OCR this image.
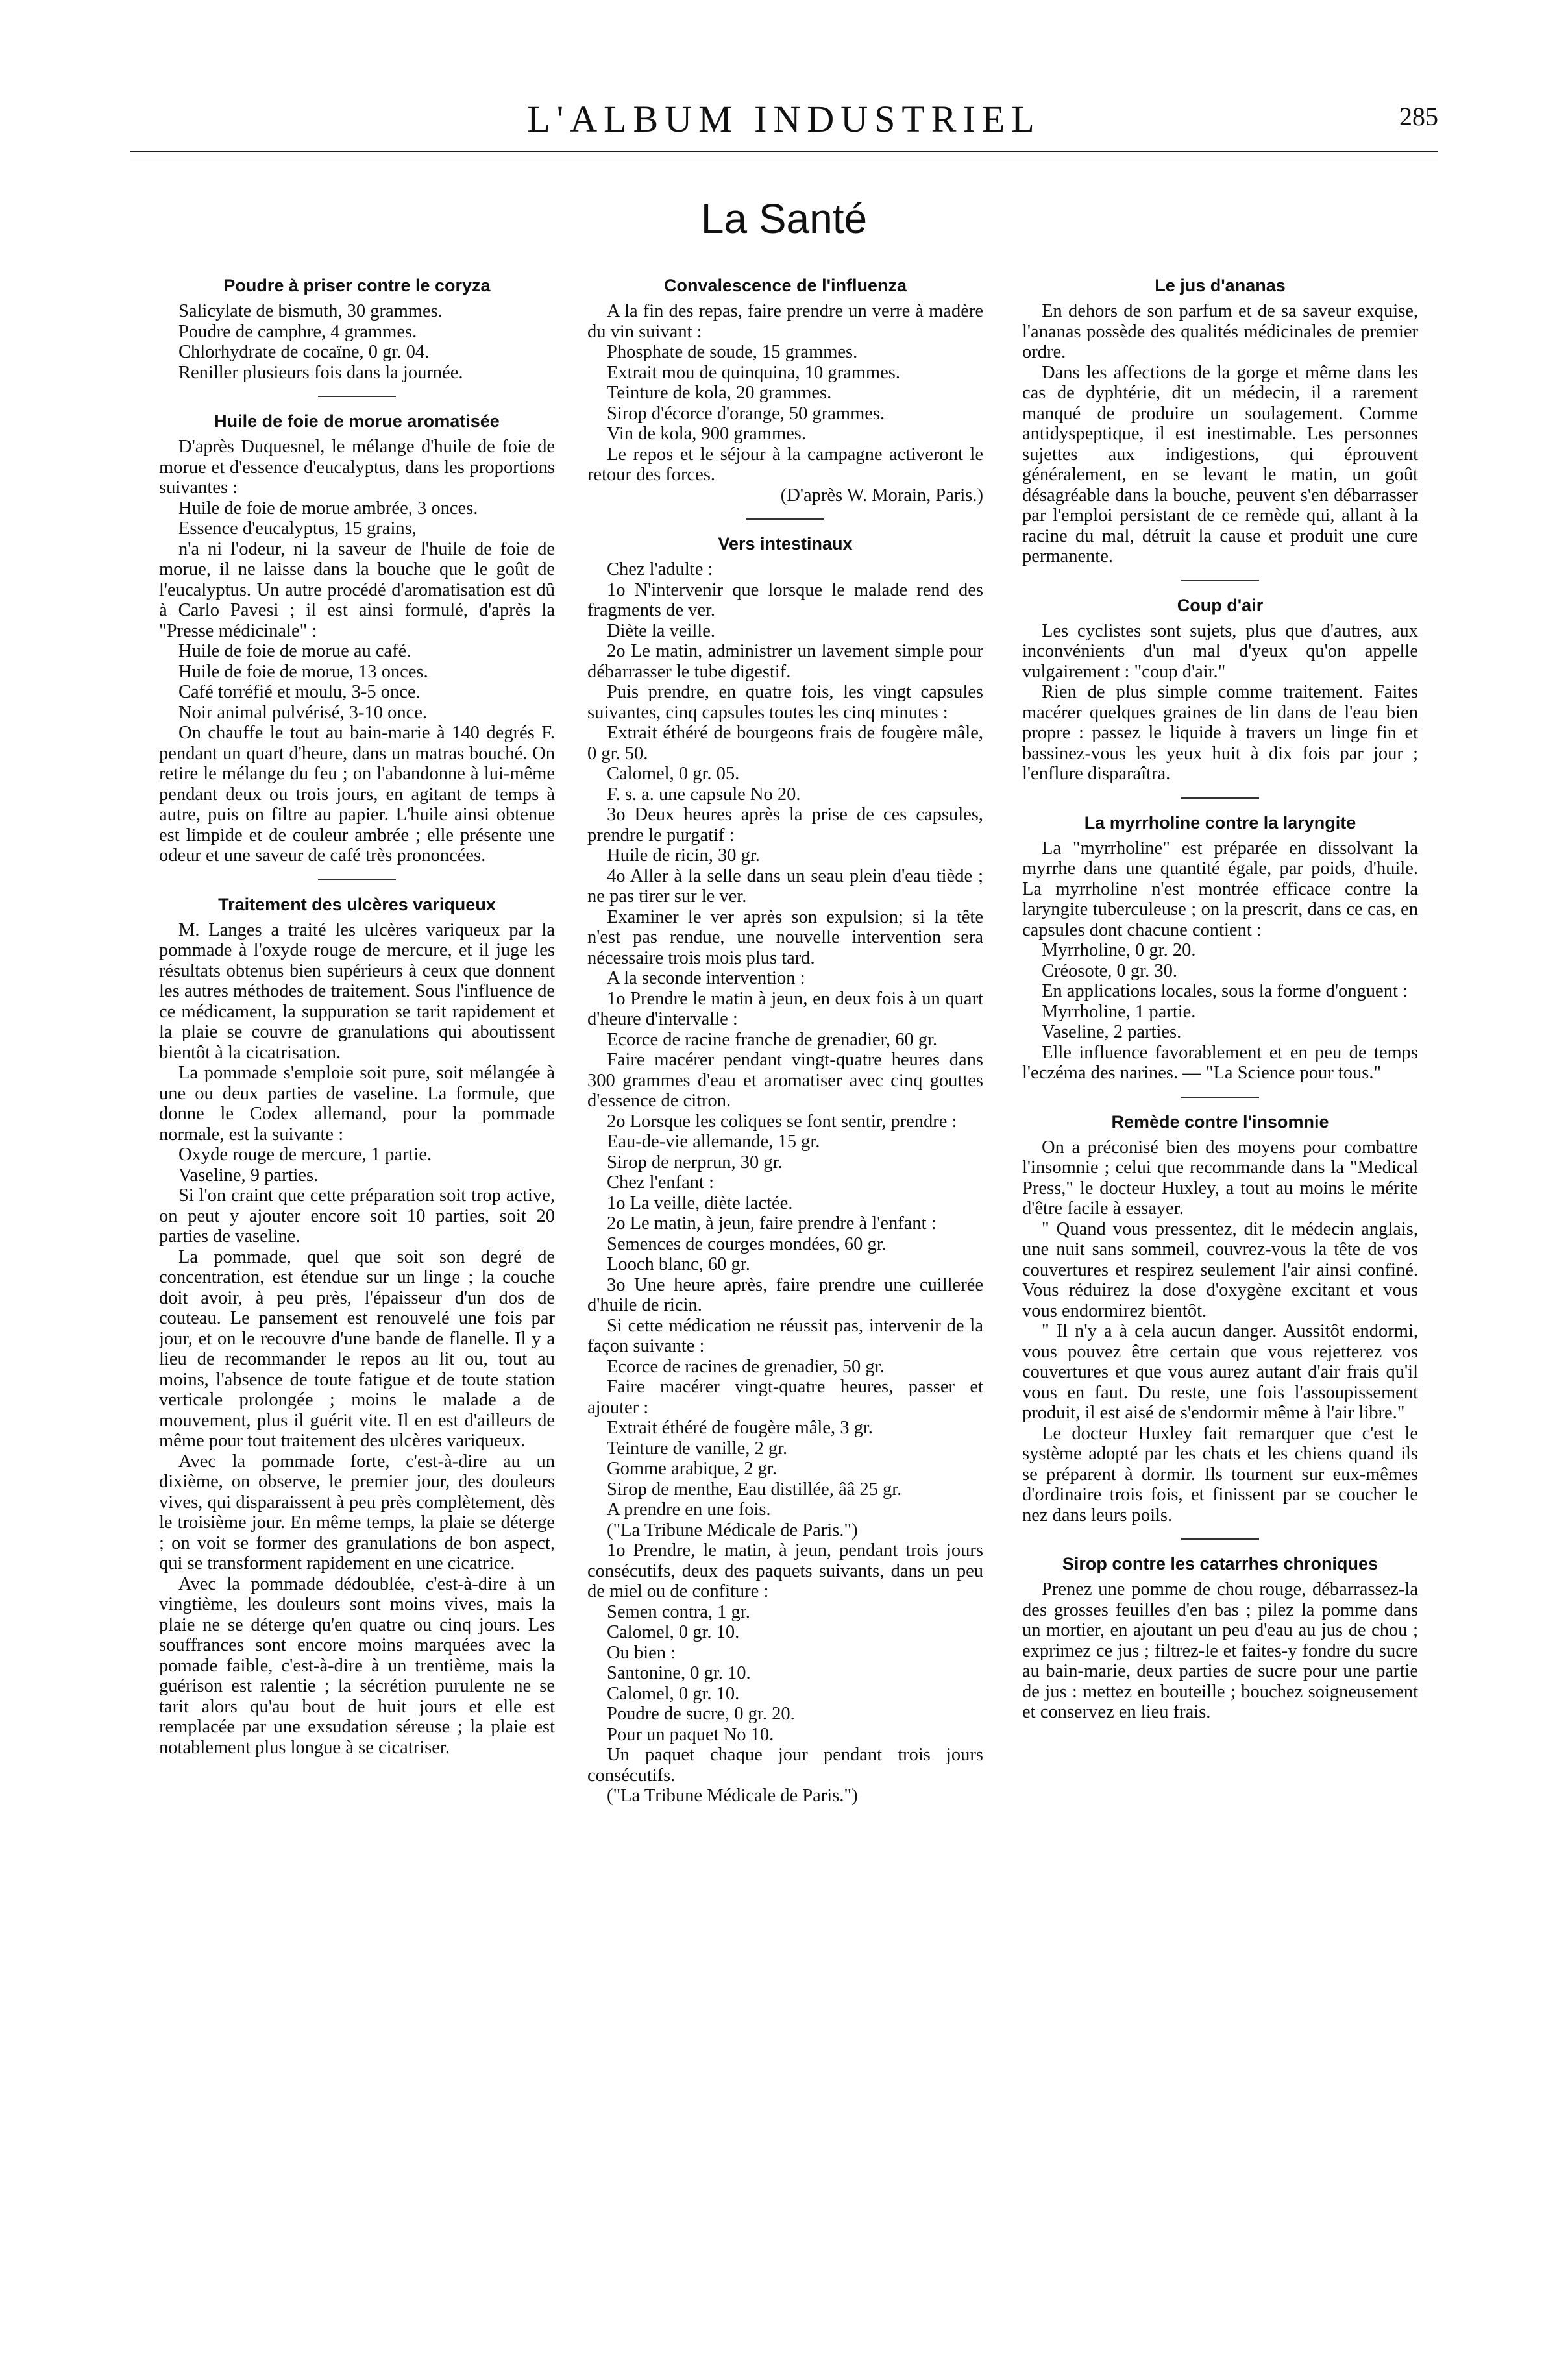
L'ALBUM INDUSTRIEL	285
La Santé
Poudre à priser contre le coryza

Salicylate de bismuth, 30 grammes.

Poudre de camphre, 4 grammes.

Chlorhydrate de cocaïne, 0 gr. 04.

Reniller plusieurs fois dans la journée.

Huile de foie de morue aromatisée

D'après Duquesnel, le mélange d'huile de foie de morue et d'essence d'eucalyptus, dans les proportions suivantes :

Huile de foie de morue ambrée, 3 onces.

Essence d'eucalyptus, 15 grains,

n'a ni l'odeur, ni la saveur de l'huile de foie de morue, il ne laisse dans la bouche que le goût de l'eucalyptus. Un autre procédé d'aromatisation est dû à Carlo Pavesi ; il est ainsi formulé, d'après la "Presse médicinale" :

Huile de foie de morue au café.

Huile de foie de morue, 13 onces.

Café torréfié et moulu, 3-5 once.

Noir animal pulvérisé, 3-10 once.

On chauffe le tout au bain-marie à 140 degrés F. pendant un quart d'heure, dans un matras bouché. On retire le mélange du feu ; on l'abandonne à lui-même pendant deux ou trois jours, en agitant de temps à autre, puis on filtre au papier. L'huile ainsi obtenue est limpide et de couleur ambrée ; elle présente une odeur et une saveur de café très prononcées.

Traitement des ulcères variqueux

M. Langes a traité les ulcères variqueux par la pommade à l'oxyde rouge de mercure, et il juge les résultats obtenus bien supérieurs à ceux que donnent les autres méthodes de traitement. Sous l'influence de ce médicament, la suppuration se tarit rapidement et la plaie se couvre de granulations qui aboutissent bientôt à la cicatrisation.

La pommade s'emploie soit pure, soit mélangée à une ou deux parties de vaseline. La formule, que donne le Codex allemand, pour la pommade normale, est la suivante :

Oxyde rouge de mercure, 1 partie.

Vaseline, 9 parties.

Si l'on craint que cette préparation soit trop active, on peut y ajouter encore soit 10 parties, soit 20 parties de vaseline.

La pommade, quel que soit son degré de concentration, est étendue sur un linge ; la couche doit avoir, à peu près, l'épaisseur d'un dos de couteau. Le pansement est renouvelé une fois par jour, et on le recouvre d'une bande de flanelle. Il y a lieu de recommander le repos au lit ou, tout au moins, l'absence de toute fatigue et de toute station verticale prolongée ; moins le malade a de mouvement, plus il guérit vite. Il en est d'ailleurs de même pour tout traitement des ulcères variqueux.

Avec la pommade forte, c'est-à-dire au un dixième, on observe, le premier jour, des douleurs vives, qui disparaissent à peu près complètement, dès le troisième jour. En même temps, la plaie se déterge ; on voit se former des granulations de bon aspect, qui se transforment rapidement en une cicatrice.

Avec la pommade dédoublée, c'est-à-dire à un vingtième, les douleurs sont moins vives, mais la plaie ne se déterge qu'en quatre ou cinq jours. Les souffrances sont encore moins marquées avec la pomade faible, c'est-à-dire à un trentième, mais la guérison est ralentie ; la sécrétion purulente ne se tarit alors qu'au bout de huit jours et elle est remplacée par une exsudation séreuse ; la plaie est notablement plus longue à se cicatriser.

Convalescence de l'influenza

A la fin des repas, faire prendre un verre à madère du vin suivant :

Phosphate de soude, 15 grammes.

Extrait mou de quinquina, 10 grammes.

Teinture de kola, 20 grammes.

Sirop d'écorce d'orange, 50 grammes.

Vin de kola, 900 grammes.

Le repos et le séjour à la campagne activeront le retour des forces.

(D'après W. Morain, Paris.)

Vers intestinaux

Chez l'adulte :

1o N'intervenir que lorsque le malade rend des fragments de ver.

Diète la veille.

2o Le matin, administrer un lavement simple pour débarrasser le tube digestif.

Puis prendre, en quatre fois, les vingt capsules suivantes, cinq capsules toutes les cinq minutes :

Extrait éthéré de bourgeons frais de fougère mâle, 0 gr. 50.

Calomel, 0 gr. 05.

F. s. a. une capsule No 20.

3o Deux heures après la prise de ces capsules, prendre le purgatif :

Huile de ricin, 30 gr.

4o Aller à la selle dans un seau plein d'eau tiède ; ne pas tirer sur le ver.

Examiner le ver après son expulsion; si la tête n'est pas rendue, une nouvelle intervention sera nécessaire trois mois plus tard.

A la seconde intervention :

1o Prendre le matin à jeun, en deux fois à un quart d'heure d'intervalle :

Ecorce de racine franche de grenadier, 60 gr.

Faire macérer pendant vingt-quatre heures dans 300 grammes d'eau et aromatiser avec cinq gouttes d'essence de citron.

2o Lorsque les coliques se font sentir, prendre :

Eau-de-vie allemande, 15 gr.

Sirop de nerprun, 30 gr.

Chez l'enfant :

1o La veille, diète lactée.

2o Le matin, à jeun, faire prendre à l'enfant :

Semences de courges mondées, 60 gr.

Looch blanc, 60 gr.

3o Une heure après, faire prendre une cuillerée d'huile de ricin.

Si cette médication ne réussit pas, intervenir de la façon suivante :

Ecorce de racines de grenadier, 50 gr.

Faire macérer vingt-quatre heures, passer et ajouter :

Extrait éthéré de fougère mâle, 3 gr.

Teinture de vanille, 2 gr.

Gomme arabique, 2 gr.

Sirop de menthe, Eau distillée, ââ 25 gr.

A prendre en une fois.

("La Tribune Médicale de Paris.")

1o Prendre, le matin, à jeun, pendant trois jours consécutifs, deux des paquets suivants, dans un peu de miel ou de confiture :

Semen contra, 1 gr.

Calomel, 0 gr. 10.

Ou bien :

Santonine, 0 gr. 10.

Calomel, 0 gr. 10.

Poudre de sucre, 0 gr. 20.

Pour un paquet No 10.

Un paquet chaque jour pendant trois jours consécutifs.

("La Tribune Médicale de Paris.")

Le jus d'ananas

En dehors de son parfum et de sa saveur exquise, l'ananas possède des qualités médicinales de premier ordre.

Dans les affections de la gorge et même dans les cas de dyphtérie, dit un médecin, il a rarement manqué de produire un soulagement. Comme antidyspeptique, il est inestimable. Les personnes sujettes aux indigestions, qui éprouvent généralement, en se levant le matin, un goût désagréable dans la bouche, peuvent s'en débarrasser par l'emploi persistant de ce remède qui, allant à la racine du mal, détruit la cause et produit une cure permanente.

Coup d'air

Les cyclistes sont sujets, plus que d'autres, aux inconvénients d'un mal d'yeux qu'on appelle vulgairement : "coup d'air."

Rien de plus simple comme traitement. Faites macérer quelques graines de lin dans de l'eau bien propre : passez le liquide à travers un linge fin et bassinez-vous les yeux huit à dix fois par jour ; l'enflure disparaîtra.

La myrrholine contre la laryngite

La "myrrholine" est préparée en dissolvant la myrrhe dans une quantité égale, par poids, d'huile. La myrrholine n'est montrée efficace contre la laryngite tuberculeuse ; on la prescrit, dans ce cas, en capsules dont chacune contient :

Myrrholine, 0 gr. 20.

Créosote, 0 gr. 30.

En applications locales, sous la forme d'onguent :

Myrrholine, 1 partie.

Vaseline, 2 parties.

Elle influence favorablement et en peu de temps l'eczéma des narines. — "La Science pour tous."

Remède contre l'insomnie

On a préconisé bien des moyens pour combattre l'insomnie ; celui que recommande dans la "Medical Press," le docteur Huxley, a tout au moins le mérite d'être facile à essayer.

" Quand vous pressentez, dit le médecin anglais, une nuit sans sommeil, couvrez-vous la tête de vos couvertures et respirez seulement l'air ainsi confiné. Vous réduirez la dose d'oxygène excitant et vous vous endormirez bientôt.

" Il n'y a à cela aucun danger. Aussitôt endormi, vous pouvez être certain que vous rejetterez vos couvertures et que vous aurez autant d'air frais qu'il vous en faut. Du reste, une fois l'assoupissement produit, il est aisé de s'endormir même à l'air libre."

Le docteur Huxley fait remarquer que c'est le système adopté par les chats et les chiens quand ils se préparent à dormir. Ils tournent sur eux-mêmes d'ordinaire trois fois, et finissent par se coucher le nez dans leurs poils.

Sirop contre les catarrhes chroniques

Prenez une pomme de chou rouge, débarrassez-la des grosses feuilles d'en bas ; pilez la pomme dans un mortier, en ajoutant un peu d'eau au jus de chou ; exprimez ce jus ; filtrez-le et faites-y fondre du sucre au bain-marie, deux parties de sucre pour une partie de jus : mettez en bouteille ; bouchez soigneusement et conservez en lieu frais.
